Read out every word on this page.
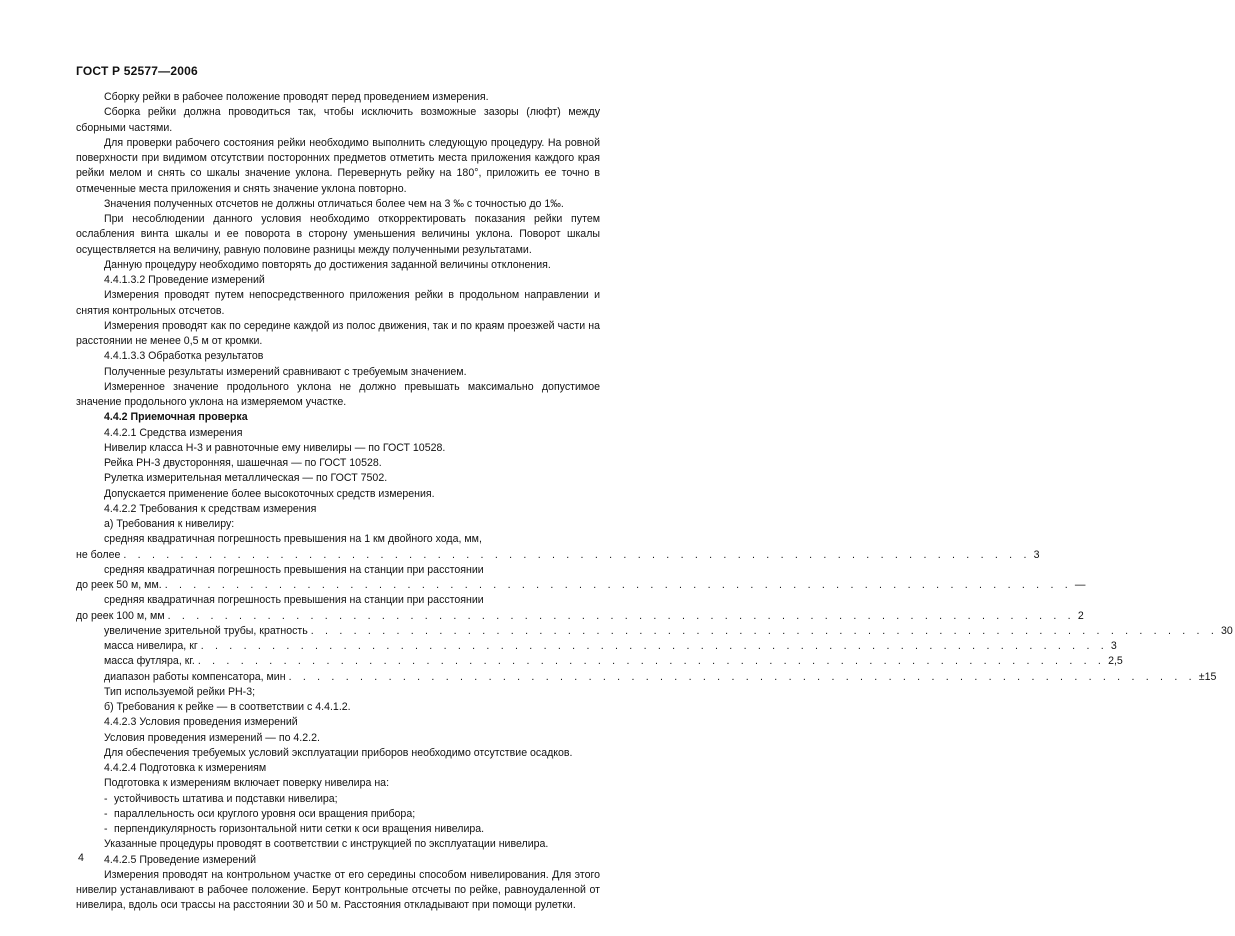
ГОСТ Р 52577—2006

Сборку рейки в рабочее положение проводят перед проведением измерения.

Сборка рейки должна проводиться так, чтобы исключить возможные зазоры (люфт) между сборными частями.

Для проверки рабочего состояния рейки необходимо выполнить следующую процедуру. На ровной поверхности при видимом отсутствии посторонних предметов отметить места приложения каждого края рейки мелом и снять со шкалы значение уклона. Перевернуть рейку на 180°, приложить ее точно в отмеченные места приложения и снять значение уклона повторно.

Значения полученных отсчетов не должны отличаться более чем на 3 ‰ с точностью до 1‰.

При несоблюдении данного условия необходимо откорректировать показания рейки путем ослабления винта шкалы и ее поворота в сторону уменьшения величины уклона. Поворот шкалы осуществляется на величину, равную половине разницы между полученными результатами.

Данную процедуру необходимо повторять до достижения заданной величины отклонения.

4.4.1.3.2 Проведение измерений

Измерения проводят путем непосредственного приложения рейки в продольном направлении и снятия контрольных отсчетов.

Измерения проводят как по середине каждой из полос движения, так и по краям проезжей части на расстоянии не менее 0,5 м от кромки.

4.4.1.3.3 Обработка результатов

Полученные результаты измерений сравнивают с требуемым значением.

Измеренное значение продольного уклона не должно превышать максимально допустимое значение продольного уклона на измеряемом участке.

4.4.2 Приемочная проверка

4.4.2.1 Средства измерения

Нивелир класса Н-3 и равноточные ему нивелиры — по ГОСТ 10528.

Рейка РН-3 двусторонняя, шашечная — по ГОСТ 10528.

Рулетка измерительная металлическая — по ГОСТ 7502.

Допускается применение более высокоточных средств измерения.

4.4.2.2 Требования к средствам измерения

а) Требования к нивелиру:

средняя квадратичная погрешность превышения на 1 км двойного хода, мм,

не более . . . . . . . . . . . . . . . . . . . . . . . . . . . . . . . . . . . . . . . . . . . . . . . . . . . . . . . . . . . . . . . . 3

средняя квадратичная погрешность превышения на станции при расстоянии

до реек 50 м, мм. . . . . . . . . . . . . . . . . . . . . . . . . . . . . . . . . . . . . . . . . . . . . . . . . . . . . . . . . . . . . . . . . —

средняя квадратичная погрешность превышения на станции при расстоянии

до реек 100 м, мм . . . . . . . . . . . . . . . . . . . . . . . . . . . . . . . . . . . . . . . . . . . . . . . . . . . . . . . . . . . . . . . . 2
увеличение зрительной трубы, кратность . . . . . . . . . . . . . . . . . . . . . . . . . . . . . . . . . . . . . . . . . . . . . . . . . . . . . . . . . . . . . . . . 30
масса нивелира, кг . . . . . . . . . . . . . . . . . . . . . . . . . . . . . . . . . . . . . . . . . . . . . . . . . . . . . . . . . . . . . . . . 3
масса футляра, кг. . . . . . . . . . . . . . . . . . . . . . . . . . . . . . . . . . . . . . . . . . . . . . . . . . . . . . . . . . . . . . . . . 2,5
диапазон работы компенсатора, мин . . . . . . . . . . . . . . . . . . . . . . . . . . . . . . . . . . . . . . . . . . . . . . . . . . . . . . . . . . . . . . . . ±15

Тип используемой рейки РН-3;

б) Требования к рейке — в соответствии с 4.4.1.2.

4.4.2.3 Условия проведения измерений

Условия проведения измерений — по 4.2.2.

Для обеспечения требуемых условий эксплуатации приборов необходимо отсутствие осадков.

4.4.2.4 Подготовка к измерениям

Подготовка к измерениям включает поверку нивелира на:

- устойчивость штатива и подставки нивелира;

- параллельность оси круглого уровня оси вращения прибора;

- перпендикулярность горизонтальной нити сетки к оси вращения нивелира.

Указанные процедуры проводят в соответствии с инструкцией по эксплуатации нивелира.

4.4.2.5 Проведение измерений

Измерения проводят на контрольном участке от его середины способом нивелирования. Для этого нивелир устанавливают в рабочее положение. Берут контрольные отсчеты по рейке, равноудаленной от нивелира, вдоль оси трассы на расстоянии 30 и 50 м. Расстояния откладывают при помощи рулетки.

4
